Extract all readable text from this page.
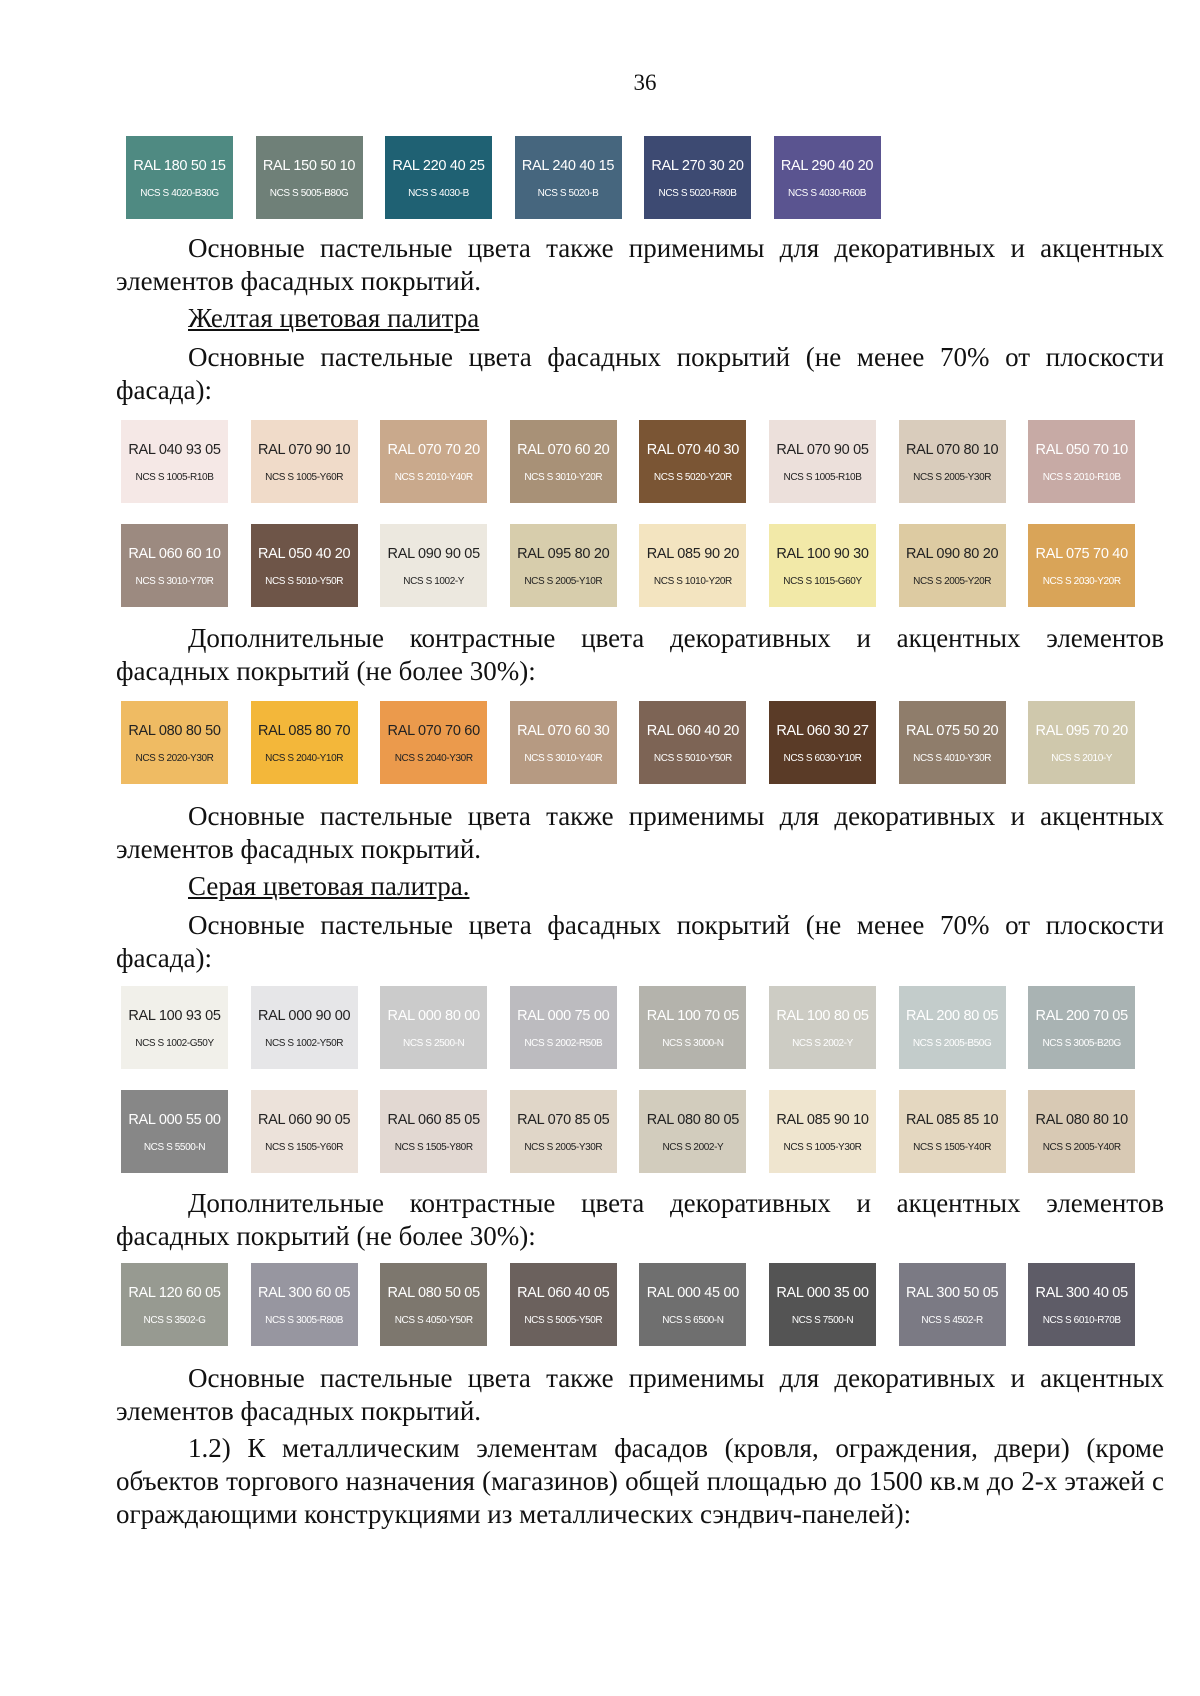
36
RAL 180 50 15
NCS S 4020-B30G
RAL 150 50 10
NCS S 5005-B80G
RAL 220 40 25
NCS S 4030-B
RAL 240 40 15
NCS S 5020-B
RAL 270 30 20
NCS S 5020-R80B
RAL 290 40 20
NCS S 4030-R60B

Основные пастельные цвета также применимы для декоративных и акцентных элементов фасадных покрытий.

Желтая цветовая палитра

Основные пастельные цвета фасадных покрытий (не менее 70% от плоскости фасада):

RAL 040 93 05
NCS S 1005-R10B
RAL 070 90 10
NCS S 1005-Y60R
RAL 070 70 20
NCS S 2010-Y40R
RAL 070 60 20
NCS S 3010-Y20R
RAL 070 40 30
NCS S 5020-Y20R
RAL 070 90 05
NCS S 1005-R10B
RAL 070 80 10
NCS S 2005-Y30R
RAL 050 70 10
NCS S 2010-R10B
RAL 060 60 10
NCS S 3010-Y70R
RAL 050 40 20
NCS S 5010-Y50R
RAL 090 90 05
NCS S 1002-Y
RAL 095 80 20
NCS S 2005-Y10R
RAL 085 90 20
NCS S 1010-Y20R
RAL 100 90 30
NCS S 1015-G60Y
RAL 090 80 20
NCS S 2005-Y20R
RAL 075 70 40
NCS S 2030-Y20R

Дополнительные контрастные цвета декоративных и акцентных элементов фасадных покрытий (не более 30%):

RAL 080 80 50
NCS S 2020-Y30R
RAL 085 80 70
NCS S 2040-Y10R
RAL 070 70 60
NCS S 2040-Y30R
RAL 070 60 30
NCS S 3010-Y40R
RAL 060 40 20
NCS S 5010-Y50R
RAL 060 30 27
NCS S 6030-Y10R
RAL 075 50 20
NCS S 4010-Y30R
RAL 095 70 20
NCS S 2010-Y

Основные пастельные цвета также применимы для декоративных и акцентных элементов фасадных покрытий.

Серая цветовая палитра.

Основные пастельные цвета фасадных покрытий (не менее 70% от плоскости фасада):

RAL 100 93 05
NCS S 1002-G50Y
RAL 000 90 00
NCS S 1002-Y50R
RAL 000 80 00
NCS S 2500-N
RAL 000 75 00
NCS S 2002-R50B
RAL 100 70 05
NCS S 3000-N
RAL 100 80 05
NCS S 2002-Y
RAL 200 80 05
NCS S 2005-B50G
RAL 200 70 05
NCS S 3005-B20G
RAL 000 55 00
NCS S 5500-N
RAL 060 90 05
NCS S 1505-Y60R
RAL 060 85 05
NCS S 1505-Y80R
RAL 070 85 05
NCS S 2005-Y30R
RAL 080 80 05
NCS S 2002-Y
RAL 085 90 10
NCS S 1005-Y30R
RAL 085 85 10
NCS S 1505-Y40R
RAL 080 80 10
NCS S 2005-Y40R

Дополнительные контрастные цвета декоративных и акцентных элементов фасадных покрытий (не более 30%):

RAL 120 60 05
NCS S 3502-G
RAL 300 60 05
NCS S 3005-R80B
RAL 080 50 05
NCS S 4050-Y50R
RAL 060 40 05
NCS S 5005-Y50R
RAL 000 45 00
NCS S 6500-N
RAL 000 35 00
NCS S 7500-N
RAL 300 50 05
NCS S 4502-R
RAL 300 40 05
NCS S 6010-R70B

Основные пастельные цвета также применимы для декоративных и акцентных элементов фасадных покрытий.

1.2) К металлическим элементам фасадов (кровля, ограждения, двери) (кроме объектов торгового назначения (магазинов) общей площадью до 1500 кв.м до 2-х этажей с ограждающими конструкциями из металлических сэндвич-панелей):
